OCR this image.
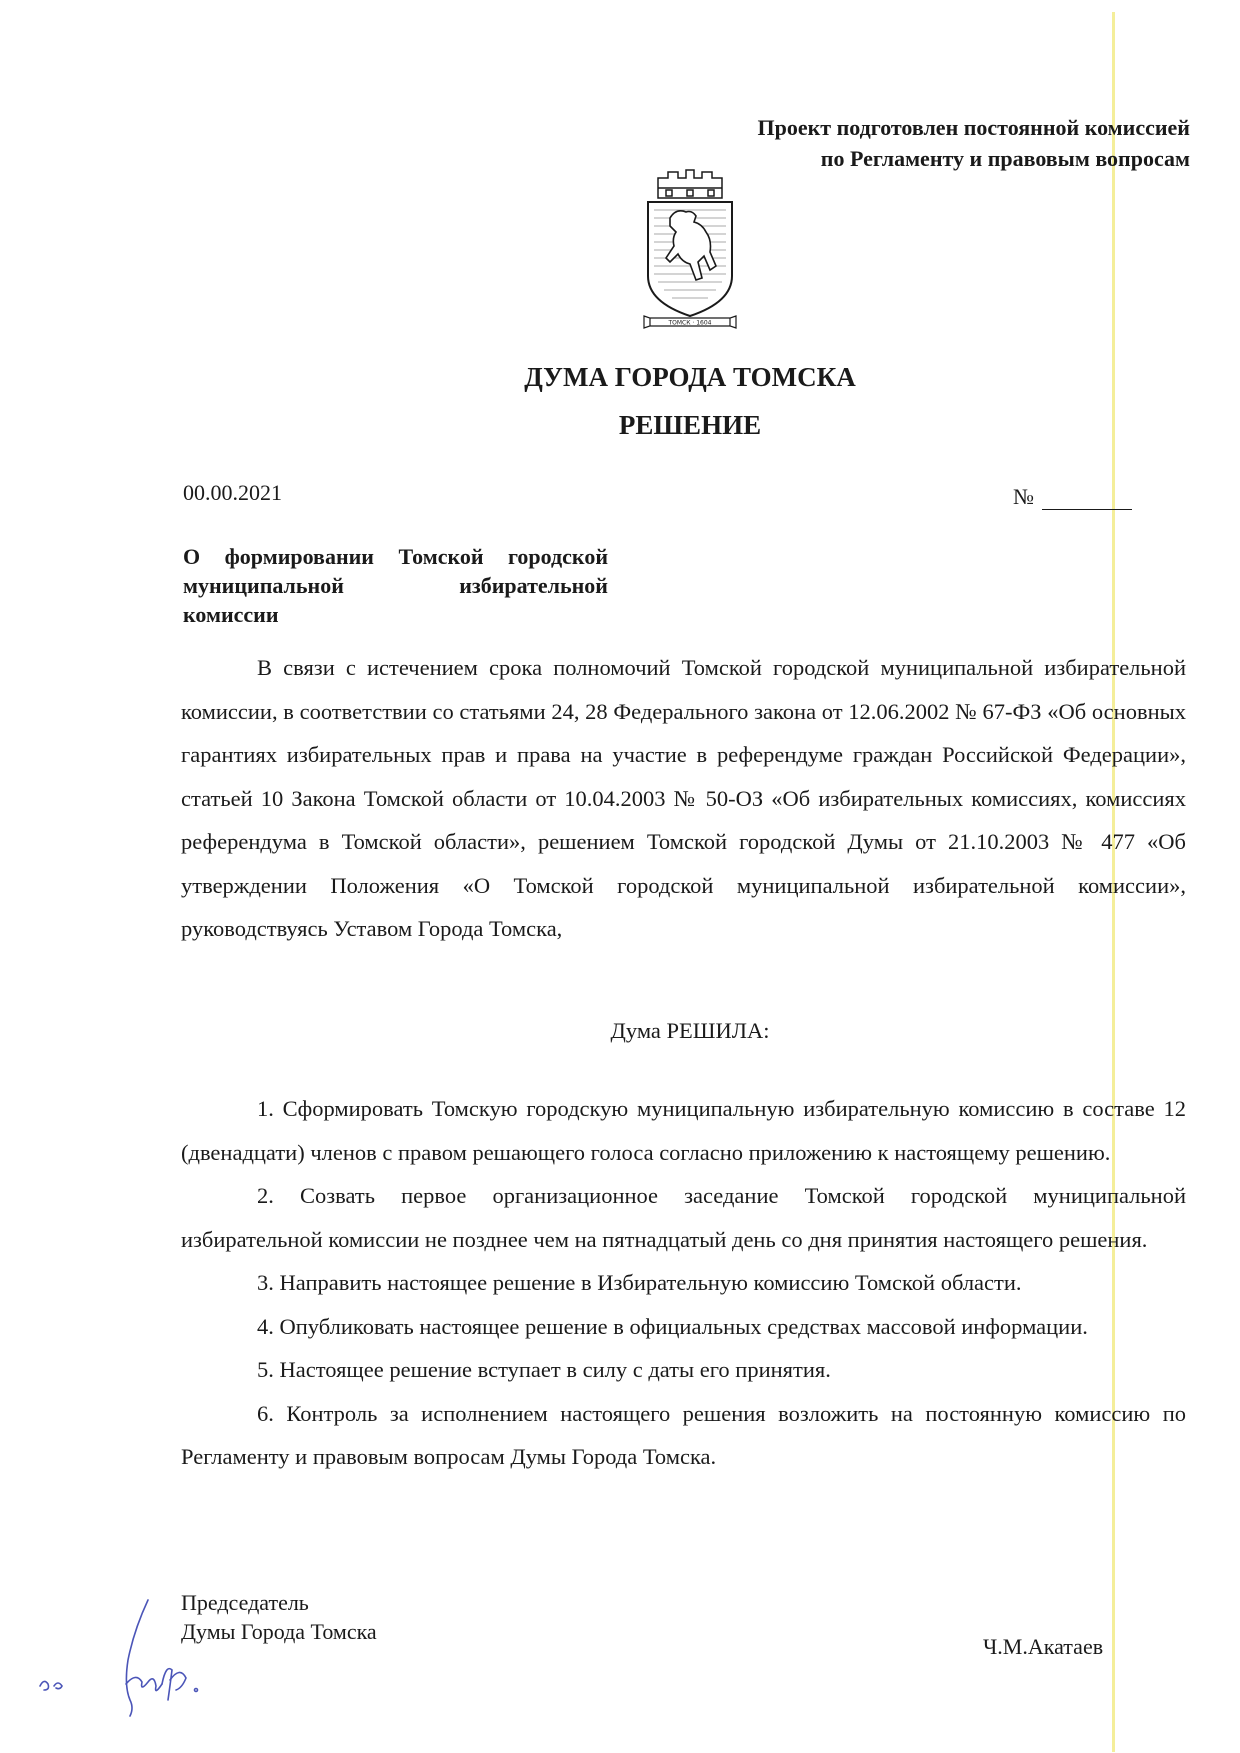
Проект подготовлен постоянной комиссией
по Регламенту и правовым вопросам
ТОМСК · 1604
ДУМА ГОРОДА ТОМСКА
РЕШЕНИЕ
00.00.2021	№
О формировании Томской городской
муниципальной избирательной
комиссии
В связи с истечением срока полномочий Томской городской муниципальной избирательной комиссии, в соответствии со статьями 24, 28 Федерального закона от 12.06.2002 № 67-ФЗ «Об основных гарантиях избирательных прав и права на участие в референдуме граждан Российской Федерации», статьей 10 Закона Томской области от 10.04.2003 № 50-ОЗ «Об избирательных комиссиях, комиссиях референдума в Томской области», решением Томской городской Думы от 21.10.2003 № 477 «Об утверждении Положения «О Томской городской муниципальной избирательной комиссии», руководствуясь Уставом Города Томска,
Дума РЕШИЛА:

1. Сформировать Томскую городскую муниципальную избирательную комиссию в составе 12 (двенадцати) членов с правом решающего голоса согласно приложению к настоящему решению.

2. Созвать первое организационное заседание Томской городской муниципальной избирательной комиссии не позднее чем на пятнадцатый день со дня принятия настоящего решения.

3. Направить настоящее решение в Избирательную комиссию Томской области.

4. Опубликовать настоящее решение в официальных средствах массовой информации.

5. Настоящее решение вступает в силу с даты его принятия.

6. Контроль за исполнением настоящего решения возложить на постоянную комиссию по Регламенту и правовым вопросам Думы Города Томска.

Председатель
Думы Города Томска
Ч.М.Акатаев
